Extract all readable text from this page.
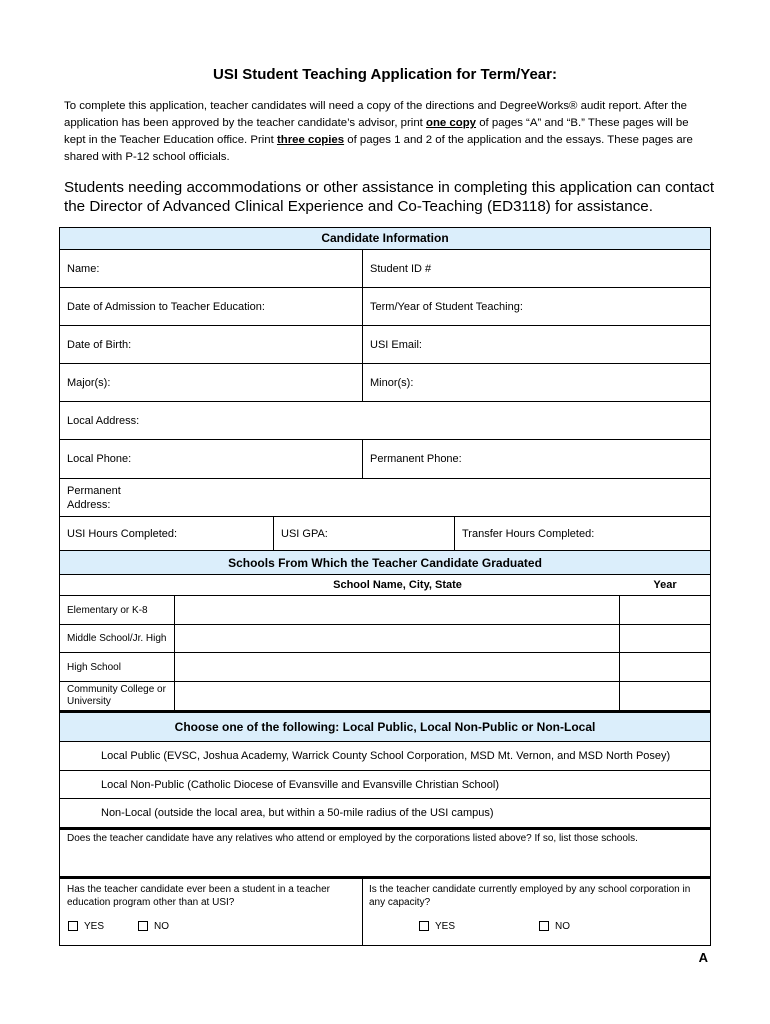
USI Student Teaching Application for Term/Year:
To complete this application, teacher candidates will need a copy of the directions and DegreeWorks® audit report. After the application has been approved by the teacher candidate’s advisor, print one copy of pages “A” and “B.” These pages will be kept in the Teacher Education office. Print three copies of pages 1 and 2 of the application and the essays. These pages are shared with P-12 school officials.
Students needing accommodations or other assistance in completing this application can contact the Director of Advanced Clinical Experience and Co-Teaching (ED3118) for assistance.
Candidate Information
Name:	Student ID #
Date of Admission to Teacher Education:	Term/Year of Student Teaching:
Date of Birth:	USI Email:
Major(s):	Minor(s):
Local Address:
Local Phone:	Permanent Phone:
Permanent
Address:
USI Hours Completed:	USI GPA:	Transfer Hours Completed:
Schools From Which the Teacher Candidate Graduated
School Name, City, State	Year
Elementary or K-8
Middle School/Jr. High
High School
Community College or
University
Choose one of the following: Local Public, Local Non-Public or Non-Local
Local Public (EVSC, Joshua Academy, Warrick County School Corporation, MSD Mt. Vernon, and MSD North Posey)
Local Non-Public (Catholic Diocese of Evansville and Evansville Christian School)
Non-Local (outside the local area, but within a 50-mile radius of the USI campus)
Does the teacher candidate have any relatives who attend or employed by the corporations listed above? If so, list those schools.
Has the teacher candidate ever been a student in a teacher education program other than at USI?
YES	NO
Is the teacher candidate currently employed by any school corporation in any capacity?
YES	NO
A
